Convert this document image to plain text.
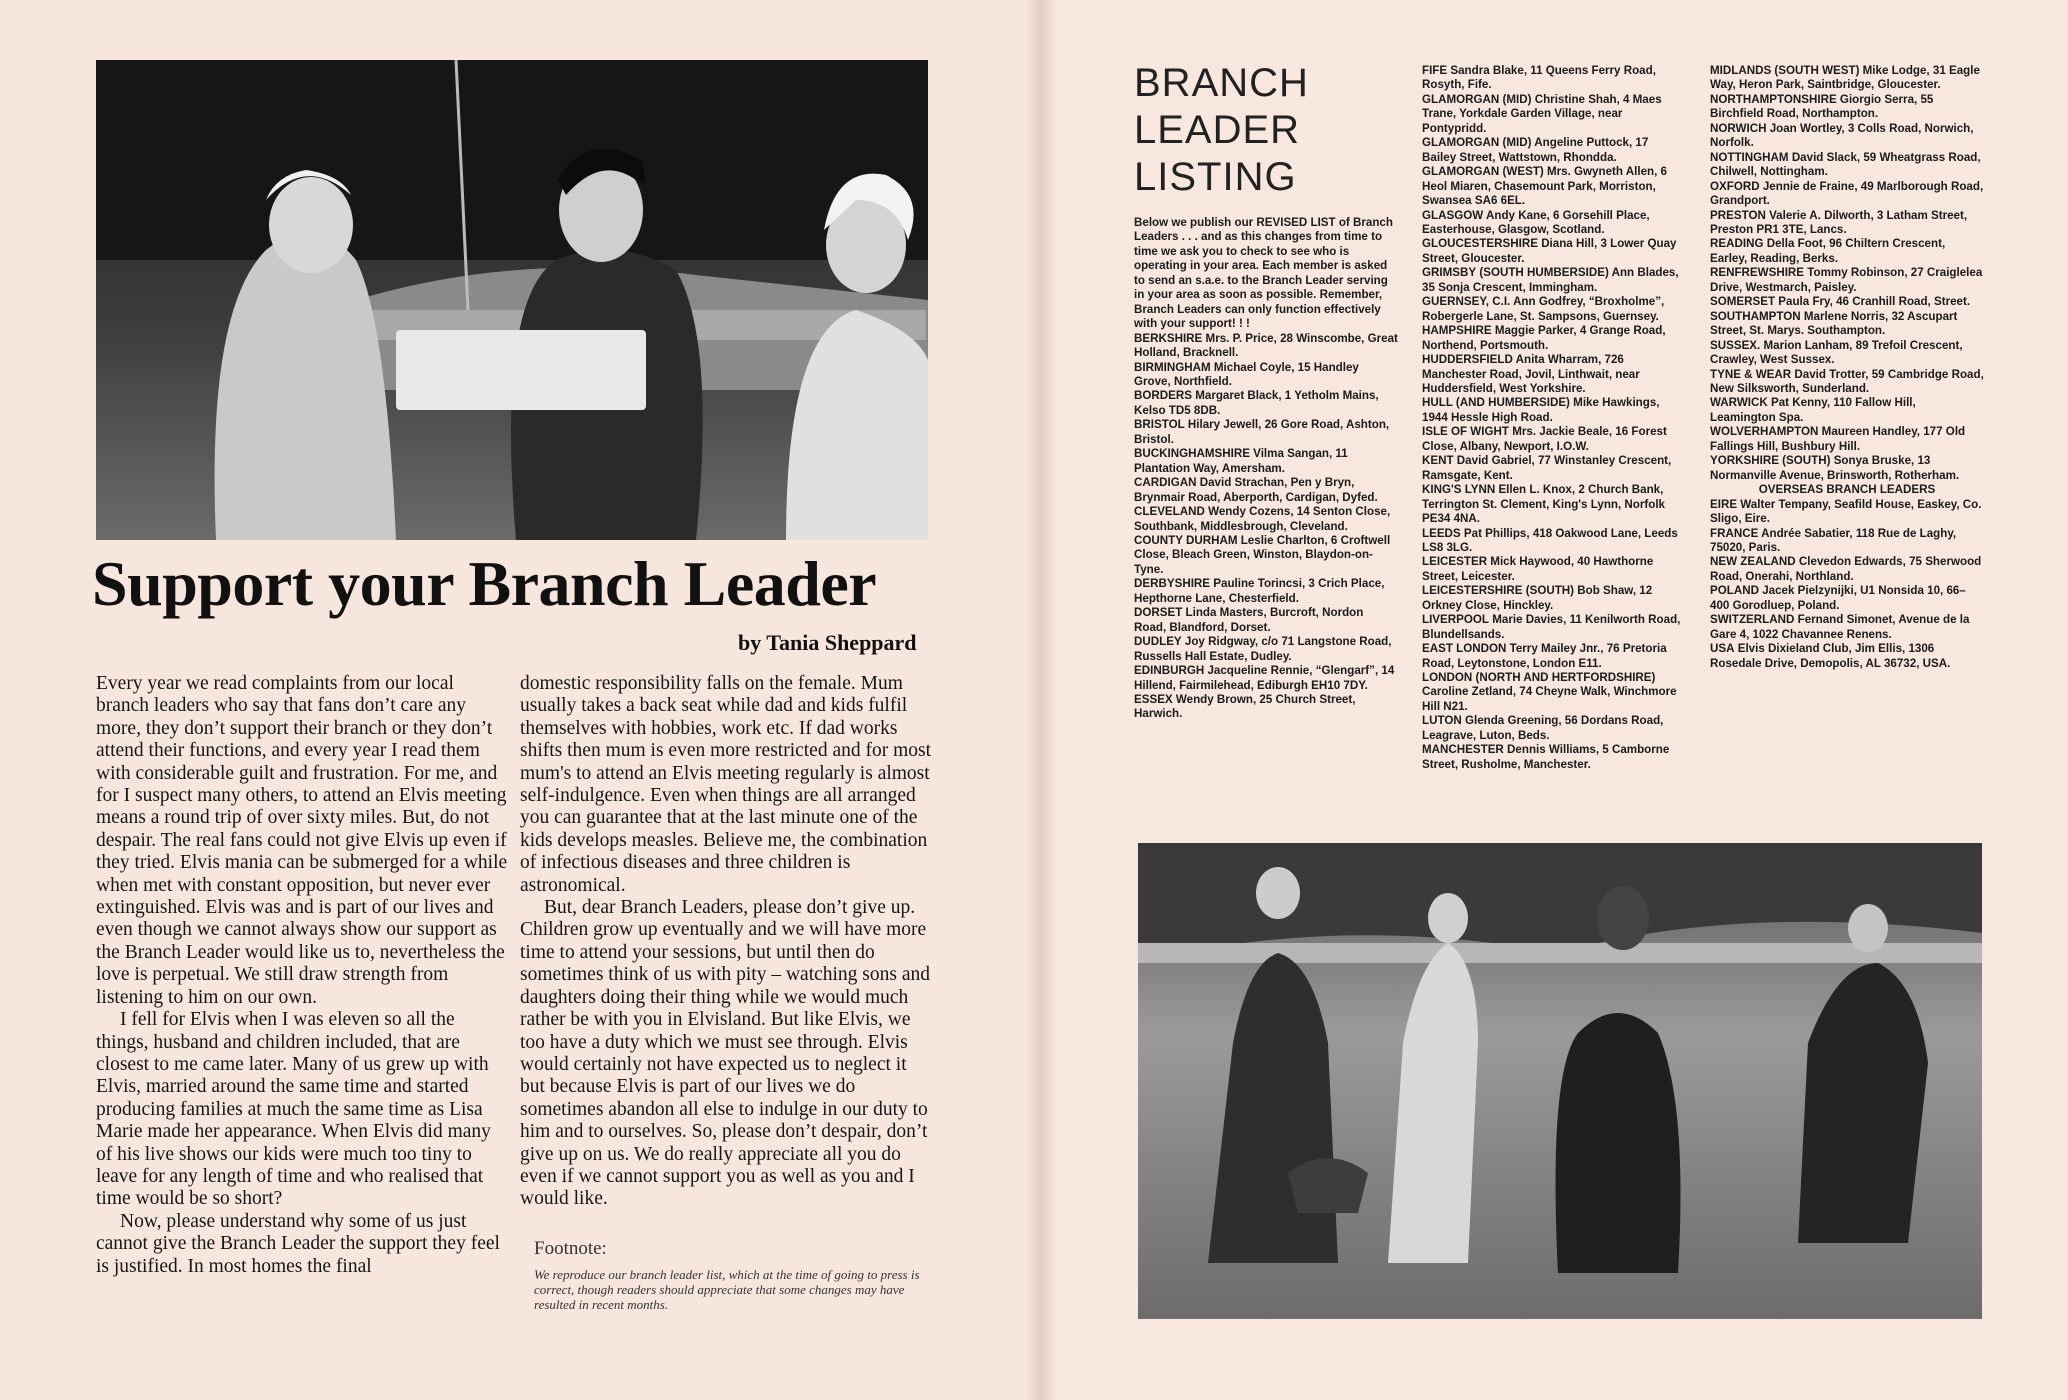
Support your Branch Leader
by Tania Sheppard

Every year we read complaints from our local branch leaders who say that fans don’t care any more, they don’t support their branch or they don’t attend their functions, and every year I read them with considerable guilt and frustration. For me, and for I suspect many others, to attend an Elvis meeting means a round trip of over sixty miles. But, do not despair. The real fans could not give Elvis up even if they tried. Elvis mania can be submerged for a while when met with constant opposition, but never ever extinguished. Elvis was and is part of our lives and even though we cannot always show our support as the Branch Leader would like us to, nevertheless the love is perpetual. We still draw strength from listening to him on our own.

I fell for Elvis when I was eleven so all the things, husband and children included, that are closest to me came later. Many of us grew up with Elvis, married around the same time and started producing families at much the same time as Lisa Marie made her appearance. When Elvis did many of his live shows our kids were much too tiny to leave for any length of time and who realised that time would be so short?

Now, please understand why some of us just cannot give the Branch Leader the support they feel is justified. In most homes the final

domestic responsibility falls on the female. Mum usually takes a back seat while dad and kids fulfil themselves with hobbies, work etc. If dad works shifts then mum is even more restricted and for most mum's to attend an Elvis meeting regularly is almost self-indulgence. Even when things are all arranged you can guarantee that at the last minute one of the kids develops measles. Believe me, the combination of infectious diseases and three children is astronomical.

But, dear Branch Leaders, please don’t give up. Children grow up eventually and we will have more time to attend your sessions, but until then do sometimes think of us with pity – watching sons and daughters doing their thing while we would much rather be with you in Elvisland. But like Elvis, we too have a duty which we must see through. Elvis would certainly not have expected us to neglect it but because Elvis is part of our lives we do sometimes abandon all else to indulge in our duty to him and to ourselves. So, please don’t despair, don’t give up on us. We do really appreciate all you do even if we cannot support you as well as you and I would like.

Footnote:
We reproduce our branch leader list, which at the time of going to press is correct, though readers should appreciate that some changes may have resulted in recent months.
BRANCH
LEADER
LISTING

Below we publish our REVISED LIST of Branch Leaders . . . and as this changes from time to time we ask you to check to see who is operating in your area. Each member is asked to send an s.a.e. to the Branch Leader serving in your area as soon as possible. Remember, Branch Leaders can only function effectively with your support! ! !

BERKSHIRE Mrs. P. Price, 28 Winscombe, Great Holland, Bracknell.

BIRMINGHAM Michael Coyle, 15 Handley Grove, Northfield.

BORDERS Margaret Black, 1 Yetholm Mains, Kelso TD5 8DB.

BRISTOL Hilary Jewell, 26 Gore Road, Ashton, Bristol.

BUCKINGHAMSHIRE Vilma Sangan, 11 Plantation Way, Amersham.

CARDIGAN David Strachan, Pen y Bryn, Brynmair Road, Aberporth, Cardigan, Dyfed.

CLEVELAND Wendy Cozens, 14 Senton Close, Southbank, Middlesbrough, Cleveland.

COUNTY DURHAM Leslie Charlton, 6 Croftwell Close, Bleach Green, Winston, Blaydon-on-Tyne.

DERBYSHIRE Pauline Torincsi, 3 Crich Place, Hepthorne Lane, Chesterfield.

DORSET Linda Masters, Burcroft, Nordon Road, Blandford, Dorset.

DUDLEY Joy Ridgway, c/o 71 Langstone Road, Russells Hall Estate, Dudley.

EDINBURGH Jacqueline Rennie, “Glengarf”, 14 Hillend, Fairmilehead, Ediburgh EH10 7DY.

ESSEX Wendy Brown, 25 Church Street, Harwich.

FIFE Sandra Blake, 11 Queens Ferry Road, Rosyth, Fife.

GLAMORGAN (MID) Christine Shah, 4 Maes Trane, Yorkdale Garden Village, near Pontypridd.

GLAMORGAN (MID) Angeline Puttock, 17 Bailey Street, Wattstown, Rhondda.

GLAMORGAN (WEST) Mrs. Gwyneth Allen, 6 Heol Miaren, Chasemount Park, Morriston, Swansea SA6 6EL.

GLASGOW Andy Kane, 6 Gorsehill Place, Easterhouse, Glasgow, Scotland.

GLOUCESTERSHIRE Diana Hill, 3 Lower Quay Street, Gloucester.

GRIMSBY (SOUTH HUMBERSIDE) Ann Blades, 35 Sonja Crescent, Immingham.

GUERNSEY, C.I. Ann Godfrey, “Broxholme”, Robergerle Lane, St. Sampsons, Guernsey.

HAMPSHIRE Maggie Parker, 4 Grange Road, Northend, Portsmouth.

HUDDERSFIELD Anita Wharram, 726 Manchester Road, Jovil, Linthwait, near Huddersfield, West Yorkshire.

HULL (AND HUMBERSIDE) Mike Hawkings, 1944 Hessle High Road.

ISLE OF WIGHT Mrs. Jackie Beale, 16 Forest Close, Albany, Newport, I.O.W.

KENT David Gabriel, 77 Winstanley Crescent, Ramsgate, Kent.

KING'S LYNN Ellen L. Knox, 2 Church Bank, Terrington St. Clement, King's Lynn, Norfolk PE34 4NA.

LEEDS Pat Phillips, 418 Oakwood Lane, Leeds LS8 3LG.

LEICESTER Mick Haywood, 40 Hawthorne Street, Leicester.

LEICESTERSHIRE (SOUTH) Bob Shaw, 12 Orkney Close, Hinckley.

LIVERPOOL Marie Davies, 11 Kenilworth Road, Blundellsands.

EAST LONDON Terry Mailey Jnr., 76 Pretoria Road, Leytonstone, London E11.

LONDON (NORTH AND HERTFORDSHIRE) Caroline Zetland, 74 Cheyne Walk, Winchmore Hill N21.

LUTON Glenda Greening, 56 Dordans Road, Leagrave, Luton, Beds.

MANCHESTER Dennis Williams, 5 Camborne Street, Rusholme, Manchester.

MIDLANDS (SOUTH WEST) Mike Lodge, 31 Eagle Way, Heron Park, Saintbridge, Gloucester.

NORTHAMPTONSHIRE Giorgio Serra, 55 Birchfield Road, Northampton.

NORWICH Joan Wortley, 3 Colls Road, Norwich, Norfolk.

NOTTINGHAM David Slack, 59 Wheatgrass Road, Chilwell, Nottingham.

OXFORD Jennie de Fraine, 49 Marlborough Road, Grandport.

PRESTON Valerie A. Dilworth, 3 Latham Street, Preston PR1 3TE, Lancs.

READING Della Foot, 96 Chiltern Crescent, Earley, Reading, Berks.

RENFREWSHIRE Tommy Robinson, 27 Craiglelea Drive, Westmarch, Paisley.

SOMERSET Paula Fry, 46 Cranhill Road, Street.

SOUTHAMPTON Marlene Norris, 32 Ascupart Street, St. Marys. Southampton.

SUSSEX. Marion Lanham, 89 Trefoil Crescent, Crawley, West Sussex.

TYNE & WEAR David Trotter, 59 Cambridge Road, New Silksworth, Sunderland.

WARWICK Pat Kenny, 110 Fallow Hill, Leamington Spa.

WOLVERHAMPTON Maureen Handley, 177 Old Fallings Hill, Bushbury Hill.

YORKSHIRE (SOUTH) Sonya Bruske, 13 Normanville Avenue, Brinsworth, Rotherham.

OVERSEAS BRANCH LEADERS

EIRE Walter Tempany, Seafild House, Easkey, Co. Sligo, Eire.

FRANCE Andrée Sabatier, 118 Rue de Laghy, 75020, Paris.

NEW ZEALAND Clevedon Edwards, 75 Sherwood Road, Onerahi, Northland.

POLAND Jacek Pielzynijki, U1 Nonsida 10, 66–400 Gorodluep, Poland.

SWITZERLAND Fernand Simonet, Avenue de la Gare 4, 1022 Chavannee Renens.

USA Elvis Dixieland Club, Jim Ellis, 1306 Rosedale Drive, Demopolis, AL 36732, USA.
